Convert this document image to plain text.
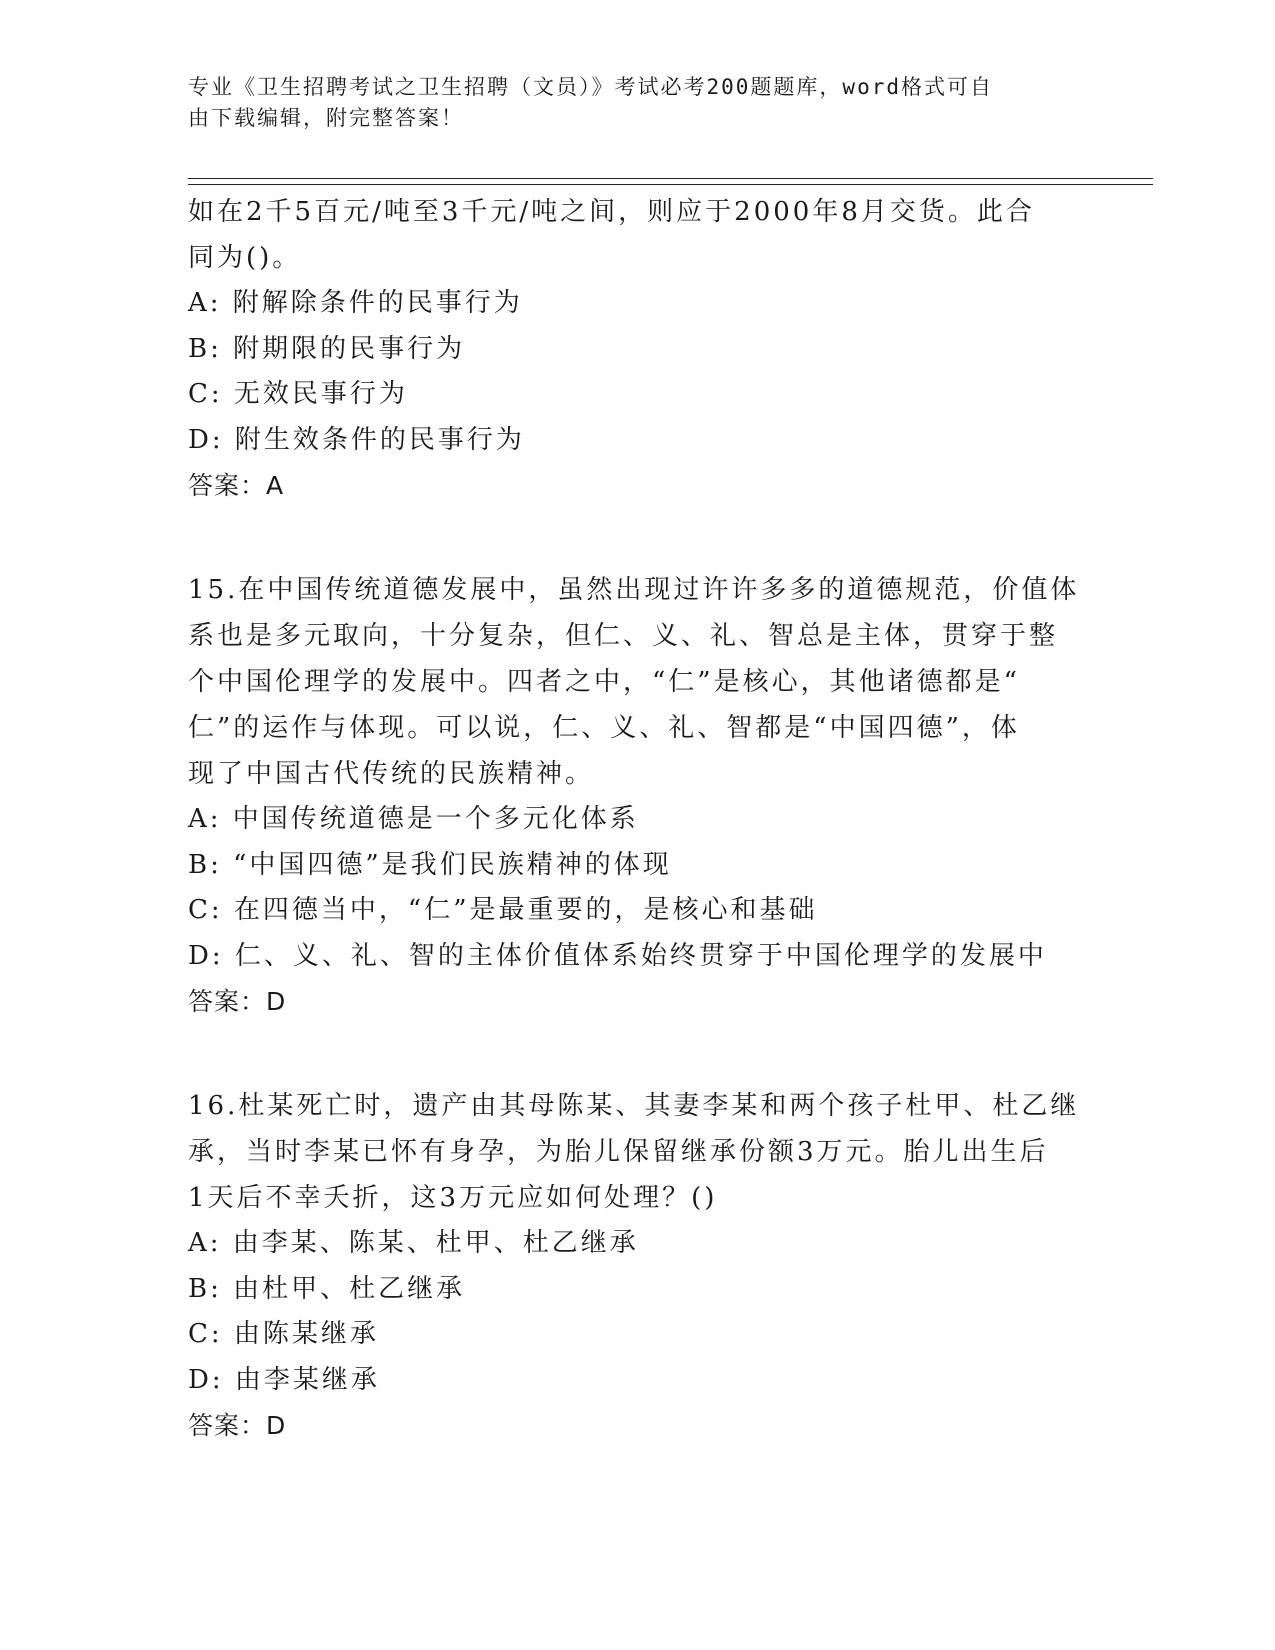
专业《卫生招聘考试之卫生招聘（文员）》考试必考200题题库，word格式可自
由下载编辑，附完整答案！
如在2千5百元/吨至3千元/吨之间，则应于2000年8月交货。此合
同为()。
A: 附解除条件的民事行为
B: 附期限的民事行为
C: 无效民事行为
D: 附生效条件的民事行为
答案：A
15.在中国传统道德发展中，虽然出现过许许多多的道德规范，价值体
系也是多元取向，十分复杂，但仁、义、礼、智总是主体，贯穿于整
个中国伦理学的发展中。四者之中，“仁”是核心，其他诸德都是“
仁”的运作与体现。可以说，仁、义、礼、智都是“中国四德”，体
现了中国古代传统的民族精神。
A: 中国传统道德是一个多元化体系
B: “中国四德”是我们民族精神的体现
C: 在四德当中，“仁”是最重要的，是核心和基础
D: 仁、义、礼、智的主体价值体系始终贯穿于中国伦理学的发展中
答案：D
16.杜某死亡时，遗产由其母陈某、其妻李某和两个孩子杜甲、杜乙继
承，当时李某已怀有身孕，为胎儿保留继承份额3万元。胎儿出生后
1天后不幸夭折，这3万元应如何处理？()
A: 由李某、陈某、杜甲、杜乙继承
B: 由杜甲、杜乙继承
C: 由陈某继承
D: 由李某继承
答案：D
